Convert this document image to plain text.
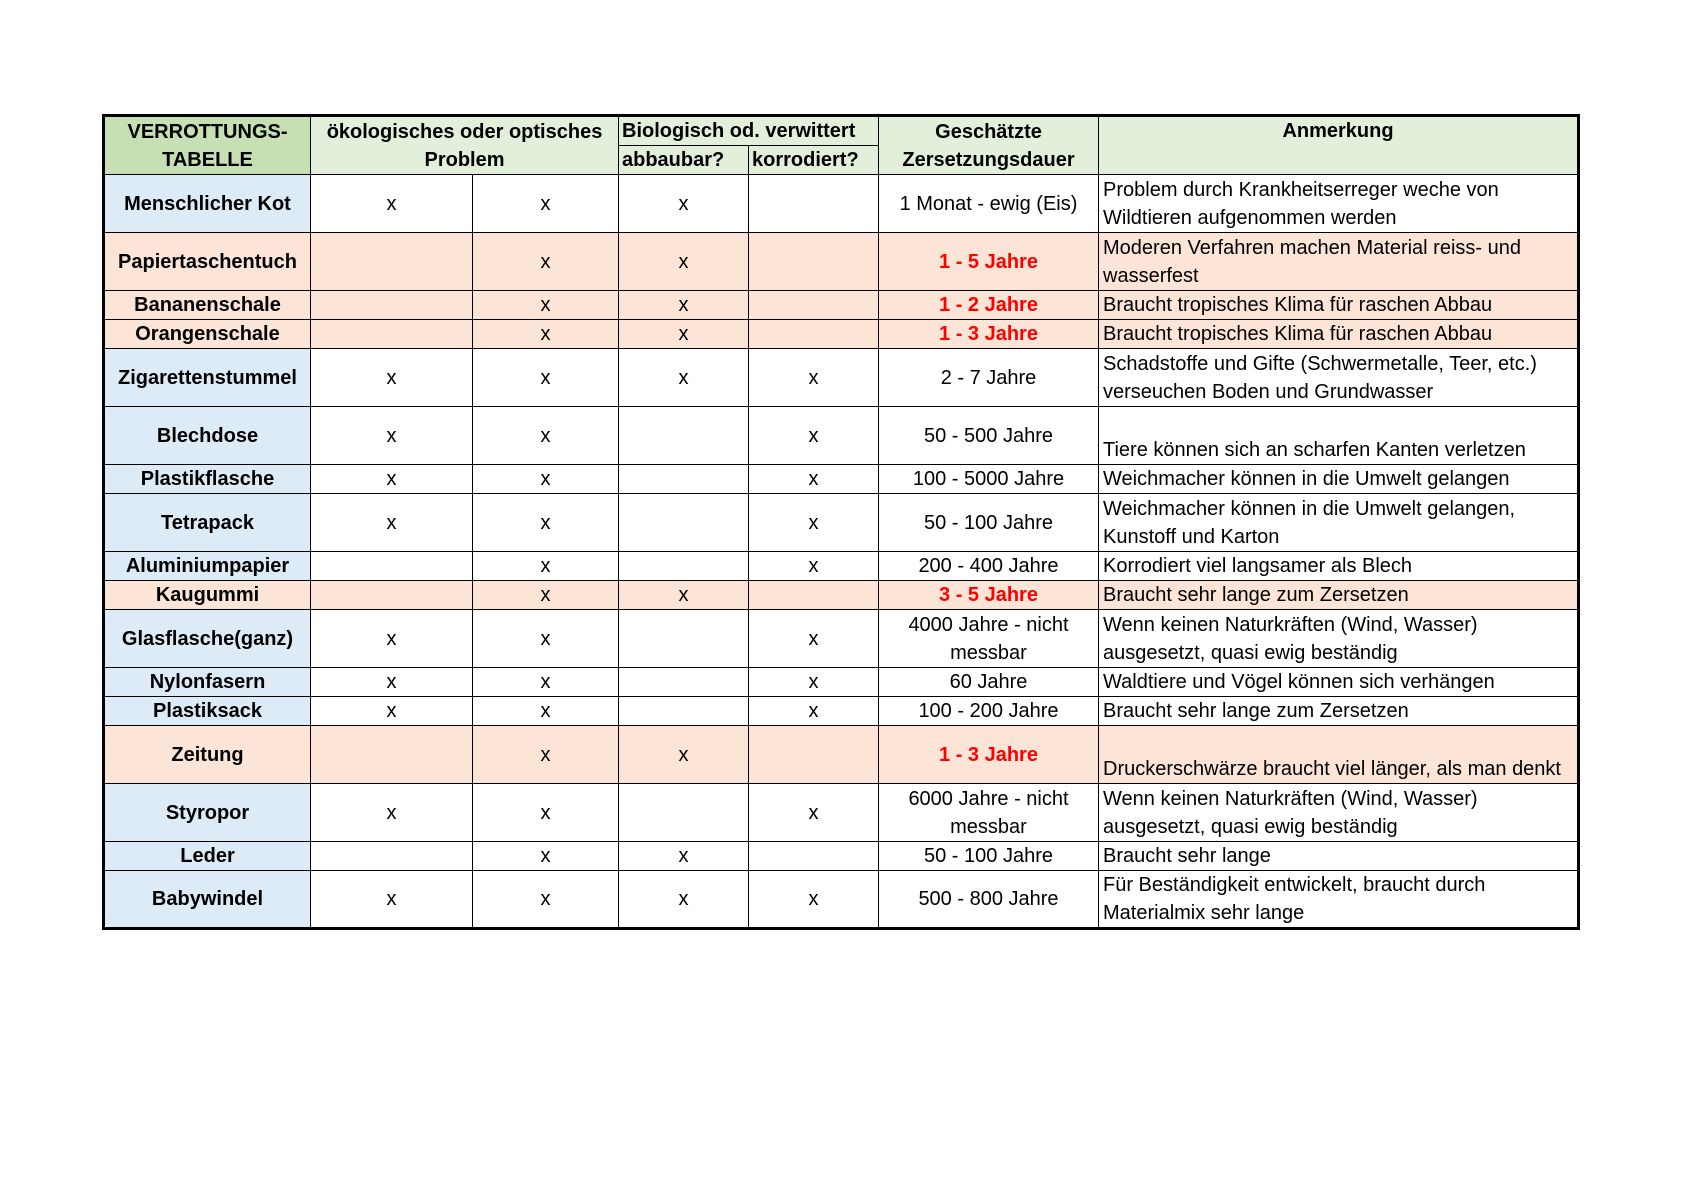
VERROTTUNGS-TABELLE	ökologisches oder optisches Problem		Biologisch od. verwittert		Geschätzte Zersetzungsdauer	Anmerkung
			abbaubar?	korrodiert?		
Menschlicher Kot	x	x	x		1 Monat - ewig (Eis)	Problem durch Krankheitserreger weche von Wildtieren aufgenommen werden
Papiertaschentuch		x	x		1 - 5 Jahre	Moderen Verfahren machen Material reiss- und wasserfest
Bananenschale		x	x		1 - 2 Jahre	Braucht tropisches Klima für raschen Abbau
Orangenschale		x	x		1 - 3 Jahre	Braucht tropisches Klima für raschen Abbau
Zigarettenstummel	x	x	x	x	2 - 7 Jahre	Schadstoffe und Gifte (Schwermetalle, Teer, etc.) verseuchen Boden und Grundwasser
Blechdose	x	x		x	50 - 500 Jahre	Tiere können sich an scharfen Kanten verletzen
Plastikflasche	x	x		x	100 - 5000 Jahre	Weichmacher können in die Umwelt gelangen
Tetrapack	x	x		x	50 - 100 Jahre	Weichmacher können in die Umwelt gelangen, Kunstoff und Karton
Aluminiumpapier		x		x	200 - 400 Jahre	Korrodiert viel langsamer als Blech
Kaugummi		x	x		3 - 5 Jahre	Braucht sehr lange zum Zersetzen
Glasflasche(ganz)	x	x		x	4000 Jahre - nicht messbar	Wenn keinen Naturkräften (Wind, Wasser) ausgesetzt, quasi ewig beständig
Nylonfasern	x	x		x	60 Jahre	Waldtiere und Vögel können sich verhängen
Plastiksack	x	x		x	100 - 200 Jahre	Braucht sehr lange zum Zersetzen
Zeitung		x	x		1 - 3 Jahre	Druckerschwärze braucht viel länger, als man denkt
Styropor	x	x		x	6000 Jahre - nicht messbar	Wenn keinen Naturkräften (Wind, Wasser) ausgesetzt, quasi ewig beständig
Leder		x	x		50 - 100 Jahre	Braucht sehr lange
Babywindel	x	x	x	x	500 - 800 Jahre	Für Beständigkeit entwickelt, braucht durch Materialmix sehr lange
